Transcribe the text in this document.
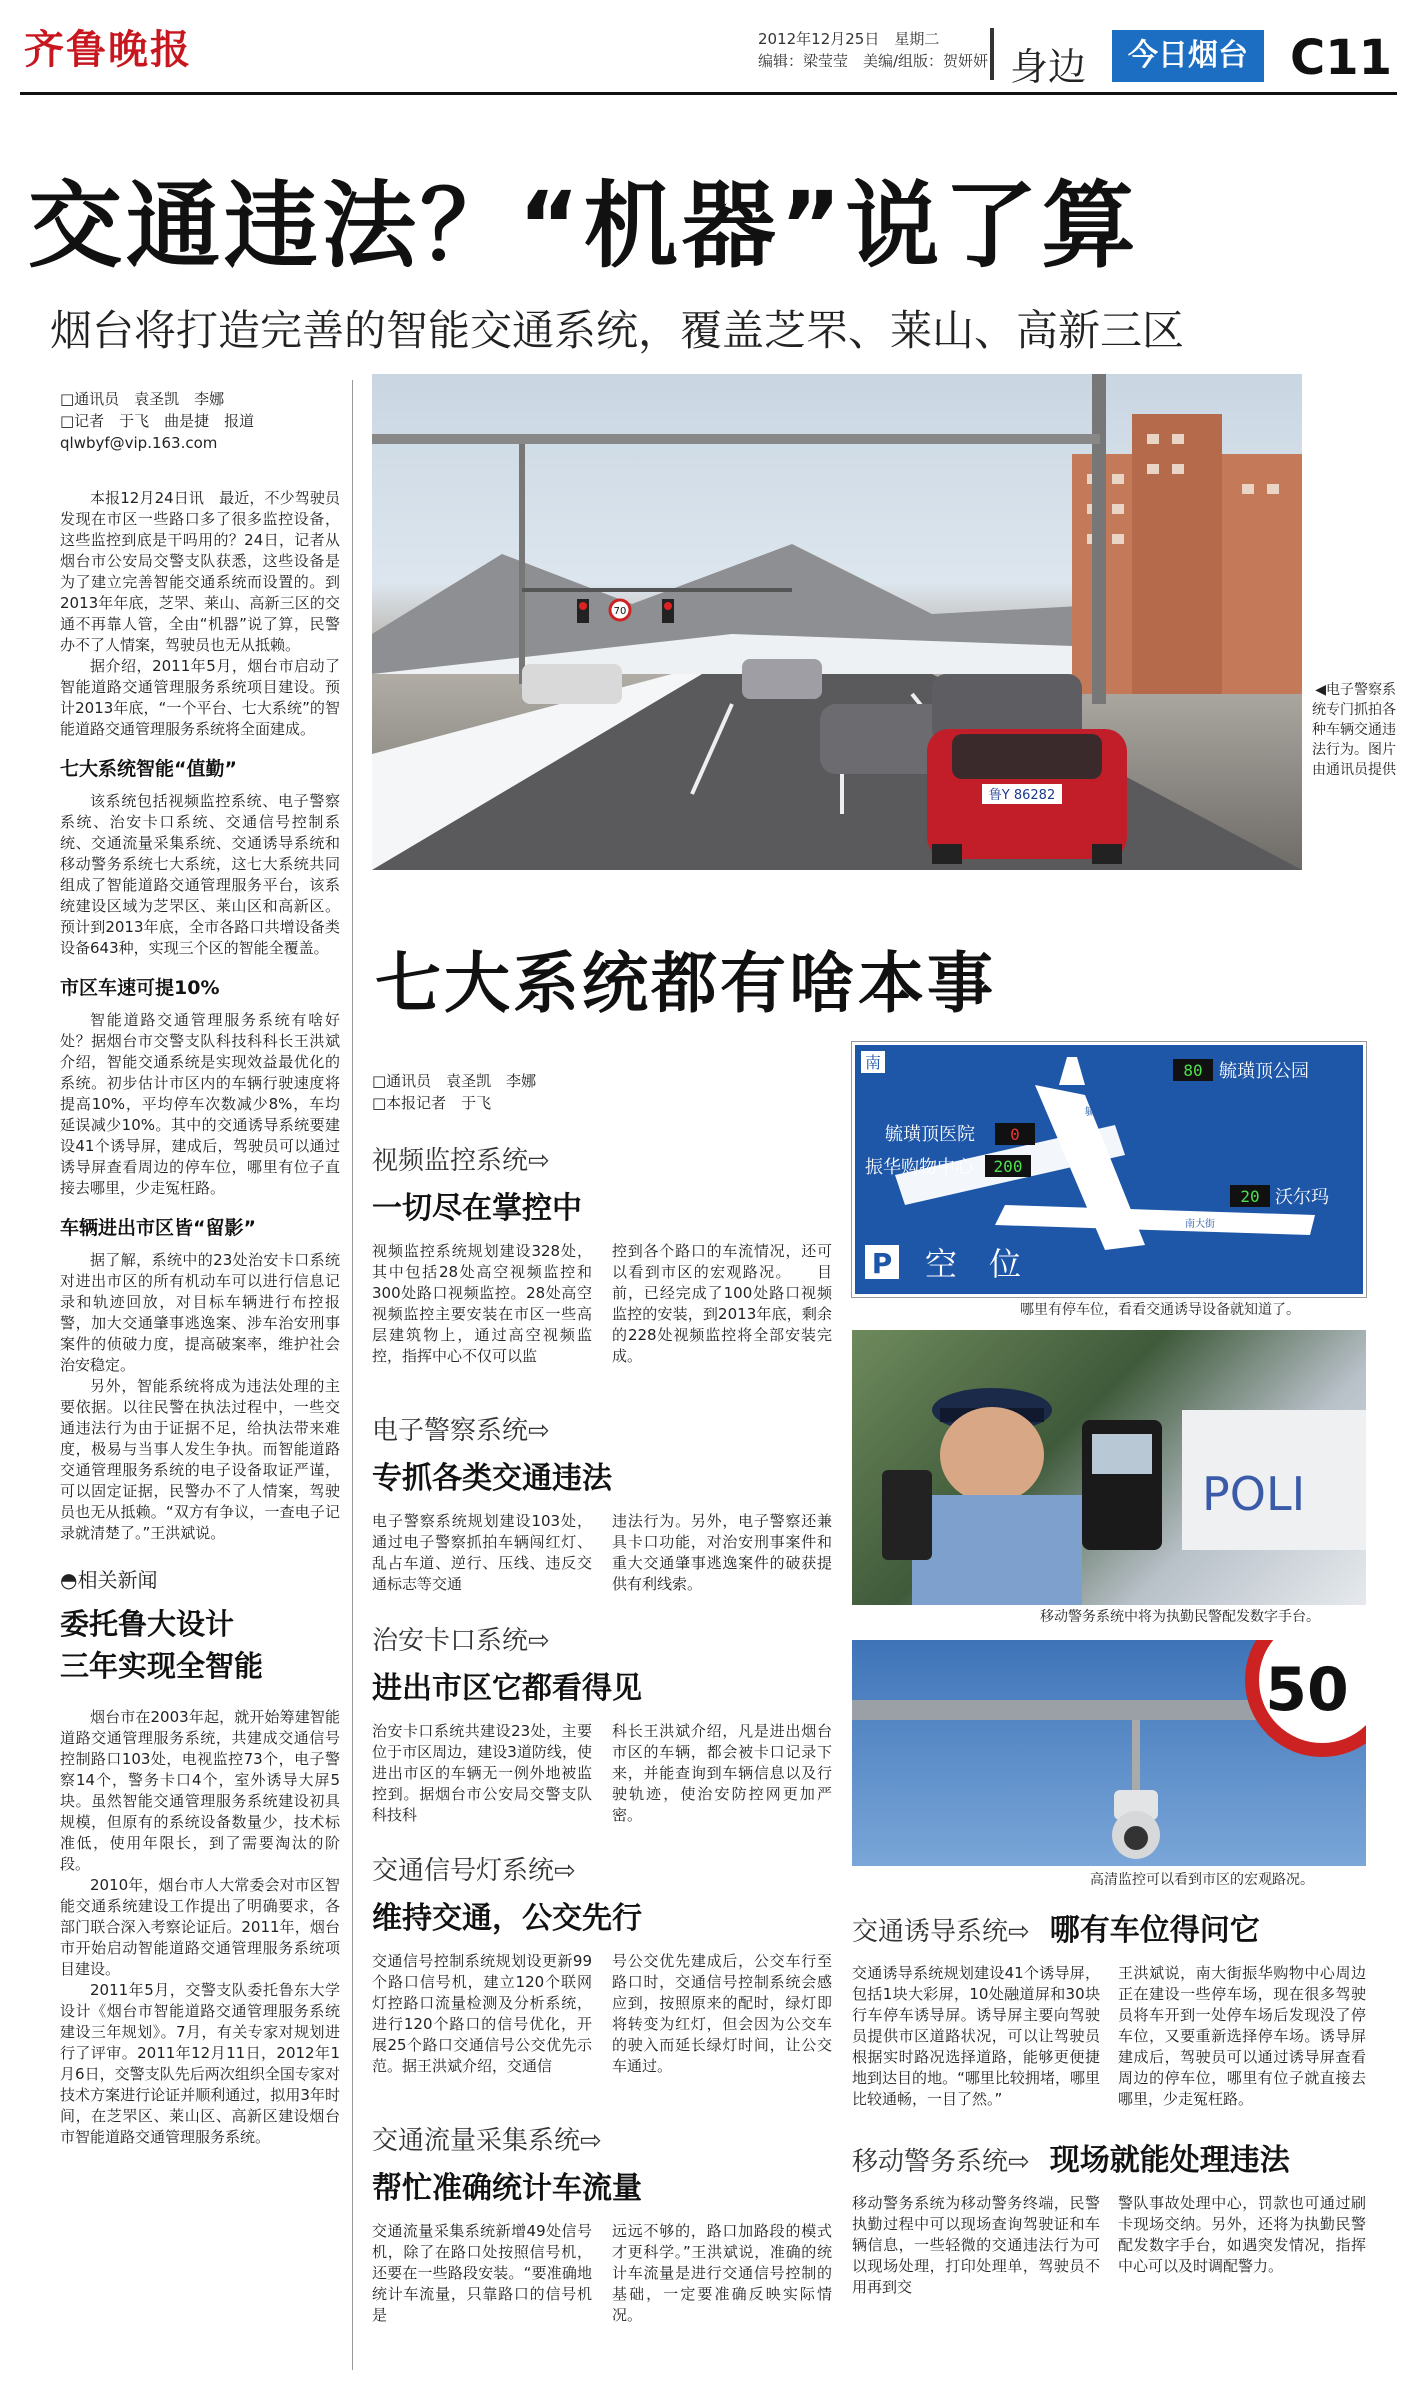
齐鲁晚报	2012年12月25日　星期二
编辑：梁莹莹　美编/组版：贺妍妍 身边	今日烟台 C11
交通违法？“机器”说了算
烟台将打造完善的智能交通系统，覆盖芝罘、莱山、高新三区
□通讯员　袁圣凯　李娜
□记者　于飞　曲是捷　报道
qlwbyf@vip.163.com

本报12月24日讯　最近，不少驾驶员发现在市区一些路口多了很多监控设备，这些监控到底是干吗用的？24日，记者从烟台市公安局交警支队获悉，这些设备是为了建立完善智能交通系统而设置的。到2013年年底，芝罘、莱山、高新三区的交通不再靠人管，全由“机器”说了算，民警办不了人情案，驾驶员也无从抵赖。

据介绍，2011年5月，烟台市启动了智能道路交通管理服务系统项目建设。预计2013年底，“一个平台、七大系统”的智能道路交通管理服务系统将全面建成。

七大系统智能“值勤”

该系统包括视频监控系统、电子警察系统、治安卡口系统、交通信号控制系统、交通流量采集系统、交通诱导系统和移动警务系统七大系统，这七大系统共同组成了智能道路交通管理服务平台，该系统建设区域为芝罘区、莱山区和高新区。预计到2013年底，全市各路口共增设备类设备643种，实现三个区的智能全覆盖。

市区车速可提10%

智能道路交通管理服务系统有啥好处？据烟台市交警支队科技科科长王洪斌介绍，智能交通系统是实现效益最优化的系统。初步估计市区内的车辆行驶速度将提高10%，平均停车次数减少8%，车均延误减少10%。其中的交通诱导系统要建设41个诱导屏，建成后，驾驶员可以通过诱导屏查看周边的停车位，哪里有位子直接去哪里，少走冤枉路。

车辆进出市区皆“留影”

据了解，系统中的23处治安卡口系统对进出市区的所有机动车可以进行信息记录和轨迹回放，对目标车辆进行布控报警，加大交通肇事逃逸案、涉车治安刑事案件的侦破力度，提高破案率，维护社会治安稳定。

另外，智能系统将成为违法处理的主要依据。以往民警在执法过程中，一些交通违法行为由于证据不足，给执法带来难度，极易与当事人发生争执。而智能道路交通管理服务系统的电子设备取证严谨，可以固定证据，民警办不了人情案，驾驶员也无从抵赖。“双方有争议，一查电子记录就清楚了。”王洪斌说。

◓相关新闻
委托鲁大设计
三年实现全智能

烟台市在2003年起，就开始筹建智能道路交通管理服务系统，共建成交通信号控制路口103处，电视监控73个，电子警察14个，警务卡口4个，室外诱导大屏5块。虽然智能交通管理服务系统建设初具规模，但原有的系统设备数量少，技术标准低，使用年限长，到了需要淘汰的阶段。

2010年，烟台市人大常委会对市区智能交通系统建设工作提出了明确要求，各部门联合深入考察论证后。2011年，烟台市开始启动智能道路交通管理服务系统项目建设。

2011年5月，交警支队委托鲁东大学设计《烟台市智能道路交通管理服务系统建设三年规划》。7月，有关专家对规划进行了评审。2011年12月11日，2012年1月6日，交警支队先后两次组织全国专家对技术方案进行论证并顺利通过，拟用3年时间，在芝罘区、莱山区、高新区建设烟台市智能道路交通管理服务系统。

70
鲁Y 86282
◀电子警察系统专门抓拍各种车辆交通违法行为。图片由通讯员提供
七大系统都有啥本事
□通讯员　袁圣凯　李娜
□本报记者　于飞
视频监控系统⇨
一切尽在掌控中
视频监控系统规划建设328处，其中包括28处高空视频监控和300处路口视频监控。28处高空视频监控主要安装在市区一些高层建筑物上，通过高空视频监控，指挥中心不仅可以监
控到各个路口的车流情况，还可以看到市区的宏观路况。　　目前，已经完成了100处路口视频监控的安装，到2013年底，剩余的228处视频监控将全部安装完成。
电子警察系统⇨
专抓各类交通违法
电子警察系统规划建设103处，通过电子警察抓拍车辆闯红灯、乱占车道、逆行、压线、违反交通标志等交通
违法行为。另外，电子警察还兼具卡口功能，对治安刑事案件和重大交通肇事逃逸案件的破获提供有利线索。
治安卡口系统⇨
进出市区它都看得见
治安卡口系统共建设23处，主要位于市区周边，建设3道防线，使进出市区的车辆无一例外地被监控到。据烟台市公安局交警支队科技科
科长王洪斌介绍，凡是进出烟台市区的车辆，都会被卡口记录下来，并能查询到车辆信息以及行驶轨迹，使治安防控网更加严密。
交通信号灯系统⇨
维持交通，公交先行
交通信号控制系统规划设更新99个路口信号机，建立120个联网灯控路口流量检测及分析系统，进行120个路口的信号优化，开展25个路口交通信号公交优先示范。据王洪斌介绍，交通信
号公交优先建成后，公交车行至路口时，交通信号控制系统会感应到，按照原来的配时，绿灯即将转变为红灯，但会因为公交车的驶入而延长绿灯时间，让公交车通过。
交通流量采集系统⇨
帮忙准确统计车流量
交通流量采集系统新增49处信号机，除了在路口处按照信号机，还要在一些路段安装。“要准确地统计车流量，只靠路口的信号机是
远远不够的，路口加路段的模式才更科学。”王洪斌说，准确的统计车流量是进行交通信号控制的基础，一定要准确反映实际情况。
南
毓璜顶北路
南大街
80 毓璜顶公园
毓璜顶医院 0
振华购物中心 200
20 沃尔玛
P 空　位
哪里有停车位，看看交通诱导设备就知道了。
POLI
移动警务系统中将为执勤民警配发数字手台。
50
高清监控可以看到市区的宏观路况。
交通诱导系统⇨ 哪有车位得问它
交通诱导系统规划建设41个诱导屏，包括1块大彩屏，10处融道屏和30块行车停车诱导屏。诱导屏主要向驾驶员提供市区道路状况，可以让驾驶员根据实时路况选择道路，能够更便捷地到达目的地。“哪里比较拥堵，哪里比较通畅，一目了然。”
王洪斌说，南大街振华购物中心周边正在建设一些停车场，现在很多驾驶员将车开到一处停车场后发现没了停车位，又要重新选择停车场。诱导屏建成后，驾驶员可以通过诱导屏查看周边的停车位，哪里有位子就直接去哪里，少走冤枉路。
移动警务系统⇨ 现场就能处理违法
移动警务系统为移动警务终端，民警执勤过程中可以现场查询驾驶证和车辆信息，一些轻微的交通违法行为可以现场处理，打印处理单，驾驶员不用再到交
警队事故处理中心，罚款也可通过刷卡现场交纳。另外，还将为执勤民警配发数字手台，如遇突发情况，指挥中心可以及时调配警力。
